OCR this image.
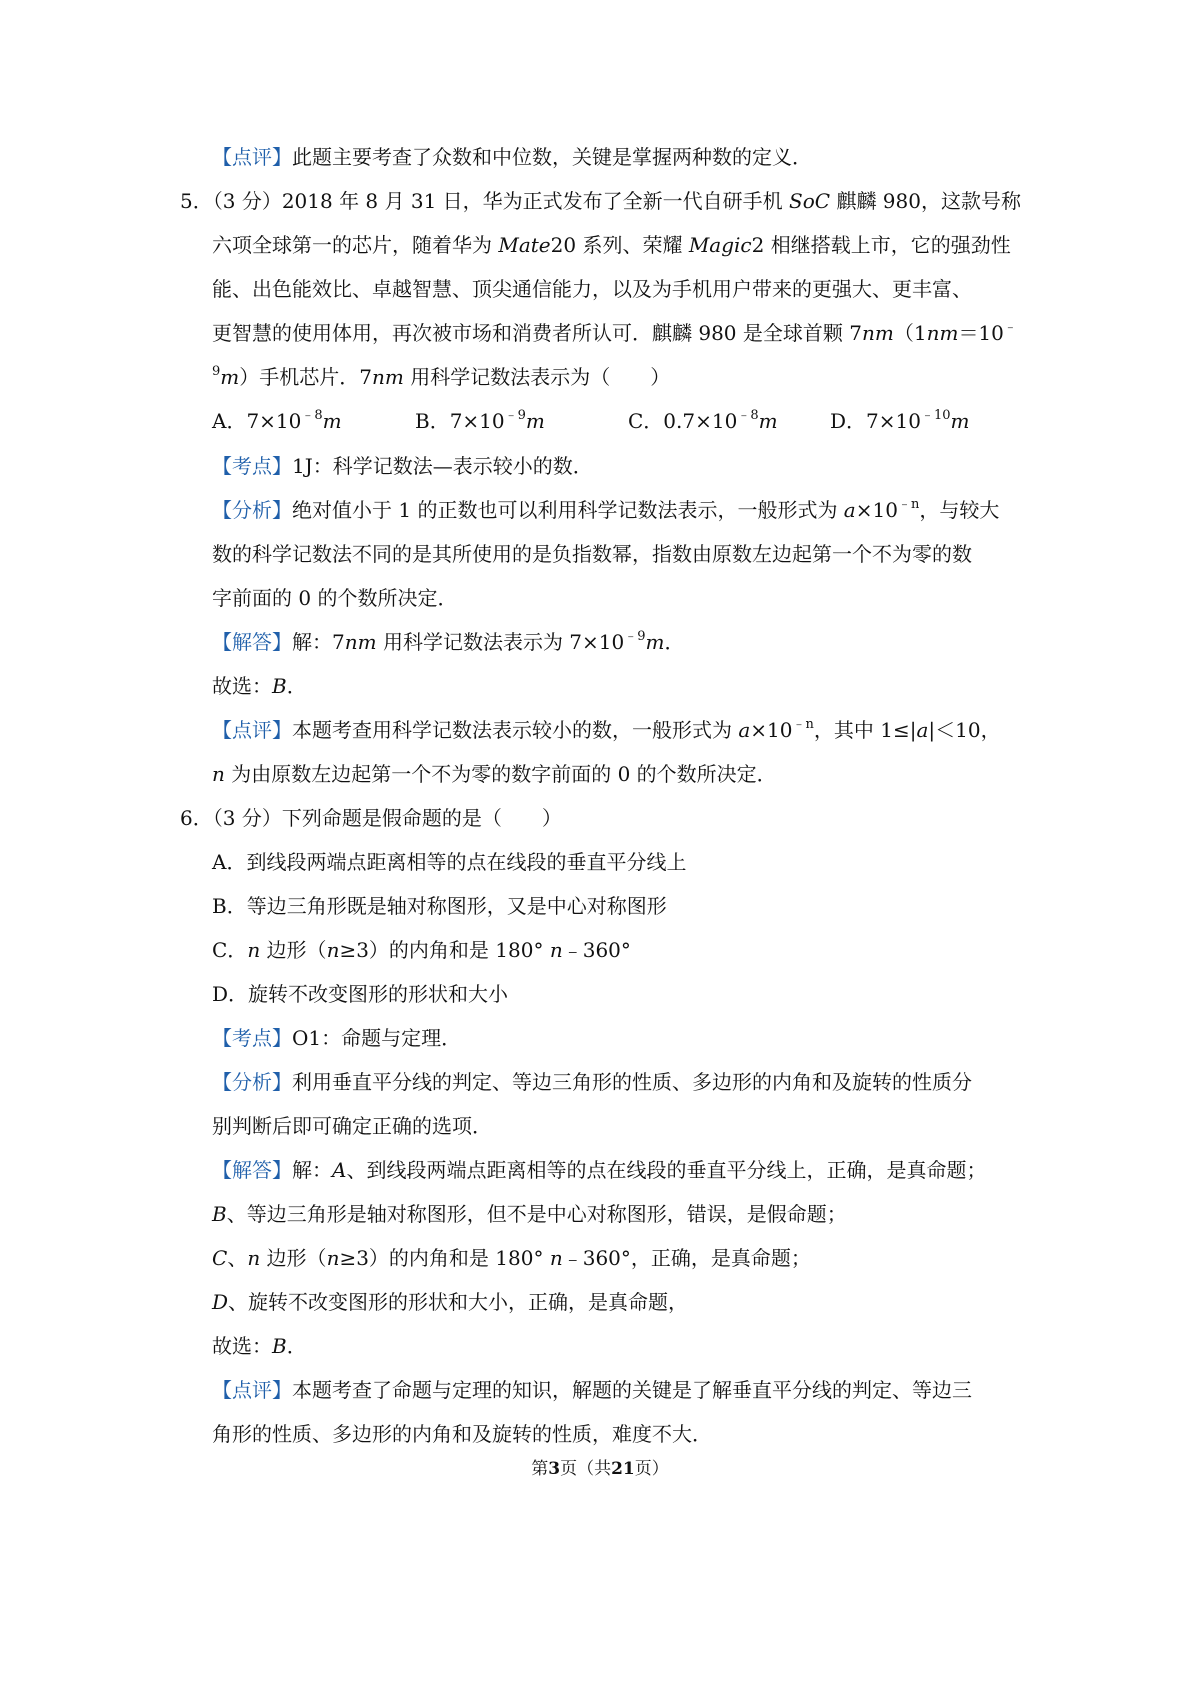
【点评】此题主要考查了众数和中位数，关键是掌握两种数的定义．
5．（3 分）2018 年 8 月 31 日，华为正式发布了全新一代自研手机 SoC 麒麟 980，这款号称
六项全球第一的芯片，随着华为 Mate20 系列、荣耀 Magic2 相继搭载上市，它的强劲性
能、出色能效比、卓越智慧、顶尖通信能力，以及为手机用户带来的更强大、更丰富、
更智慧的使用体用，再次被市场和消费者所认可．麒麟 980 是全球首颗 7nm（1nm＝10﹣
$^9$m）手机芯片．7nm 用科学记数法表示为（　　）
A．$7\times 10^{﹣8}m$	B．$7\times 10^{﹣9}m$	C．$0.7\times 10^{﹣8}m$	D．$7\times 10^{﹣10}m$
【考点】1J：科学记数法—表示较小的数．
【分析】绝对值小于 1 的正数也可以利用科学记数法表示，一般形式为 $a\times 10^{﹣n}$，与较大
数的科学记数法不同的是其所使用的是负指数幂，指数由原数左边起第一个不为零的数
字前面的 0 的个数所决定．
【解答】解：7nm 用科学记数法表示为 $7\times 10^{﹣9}m$．
故选：B．
【点评】本题考查用科学记数法表示较小的数，一般形式为 $a\times 10^{﹣n}$，其中 1≤|a|＜10，
n 为由原数左边起第一个不为零的数字前面的 0 的个数所决定．
6．（3 分）下列命题是假命题的是（　　）
A．到线段两端点距离相等的点在线段的垂直平分线上
B．等边三角形既是轴对称图形，又是中心对称图形
C．n 边形（n≥3）的内角和是 180° n﹣360°
D．旋转不改变图形的形状和大小
【考点】O1：命题与定理．
【分析】利用垂直平分线的判定、等边三角形的性质、多边形的内角和及旋转的性质分
别判断后即可确定正确的选项．
【解答】解：A、到线段两端点距离相等的点在线段的垂直平分线上，正确，是真命题；
B、等边三角形是轴对称图形，但不是中心对称图形，错误，是假命题；
C、n 边形（n≥3）的内角和是 180° n﹣360°，正确，是真命题；
D、旋转不改变图形的形状和大小，正确，是真命题，
故选：B．
【点评】本题考查了命题与定理的知识，解题的关键是了解垂直平分线的判定、等边三
角形的性质、多边形的内角和及旋转的性质，难度不大．
第3页（共21页）
